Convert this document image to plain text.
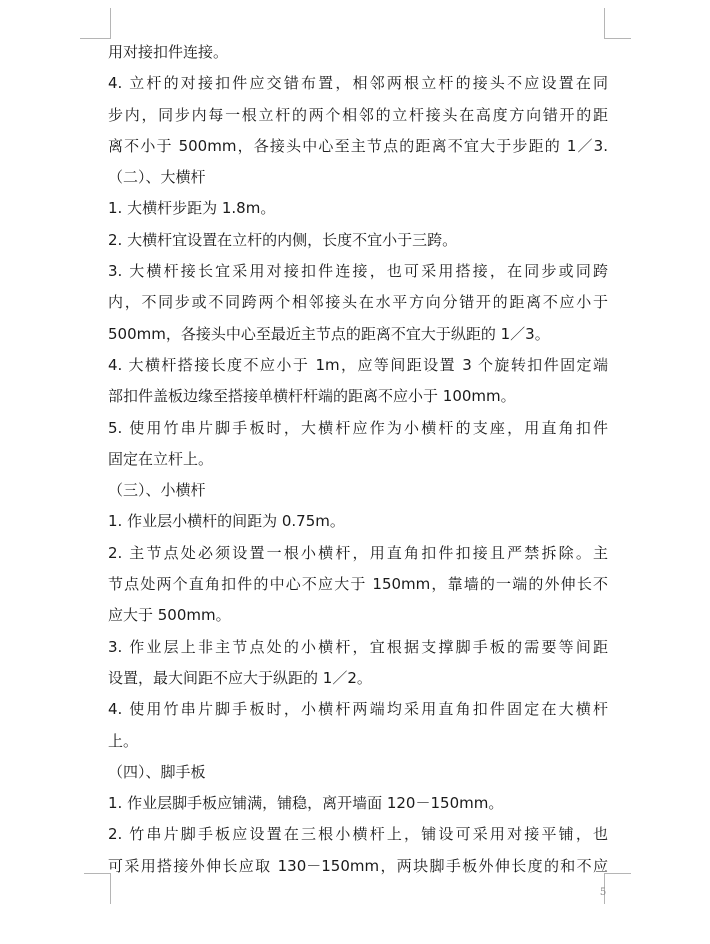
用对接扣件连接。
4. 立杆的对接扣件应交错布置，相邻两根立杆的接头不应设置在同
步内，同步内每一根立杆的两个相邻的立杆接头在高度方向错开的距
离不小于 500mm，各接头中心至主节点的距离不宜大于步距的 1／3.
（二）、大横杆
1. 大横杆步距为 1.8m。
2. 大横杆宜设置在立杆的内侧，长度不宜小于三跨。
3. 大横杆接长宜采用对接扣件连接，也可采用搭接，在同步或同跨
内，不同步或不同跨两个相邻接头在水平方向分错开的距离不应小于
500mm，各接头中心至最近主节点的距离不宜大于纵距的 1／3。
4. 大横杆搭接长度不应小于 1m，应等间距设置 3 个旋转扣件固定端
部扣件盖板边缘至搭接单横杆杆端的距离不应小于 100mm。
5. 使用竹串片脚手板时，大横杆应作为小横杆的支座，用直角扣件
固定在立杆上。
（三）、小横杆
1. 作业层小横杆的间距为 0.75m。
2. 主节点处必须设置一根小横杆，用直角扣件扣接且严禁拆除。主
节点处两个直角扣件的中心不应大于 150mm，靠墙的一端的外伸长不
应大于 500mm。
3. 作业层上非主节点处的小横杆，宜根据支撑脚手板的需要等间距
设置，最大间距不应大于纵距的 1／2。
4. 使用竹串片脚手板时，小横杆两端均采用直角扣件固定在大横杆
上。
（四）、脚手板
1. 作业层脚手板应铺满，铺稳，离开墙面 120－150mm。
2. 竹串片脚手板应设置在三根小横杆上，铺设可采用对接平铺，也
可采用搭接外伸长应取 130－150mm，两块脚手板外伸长度的和不应
5
